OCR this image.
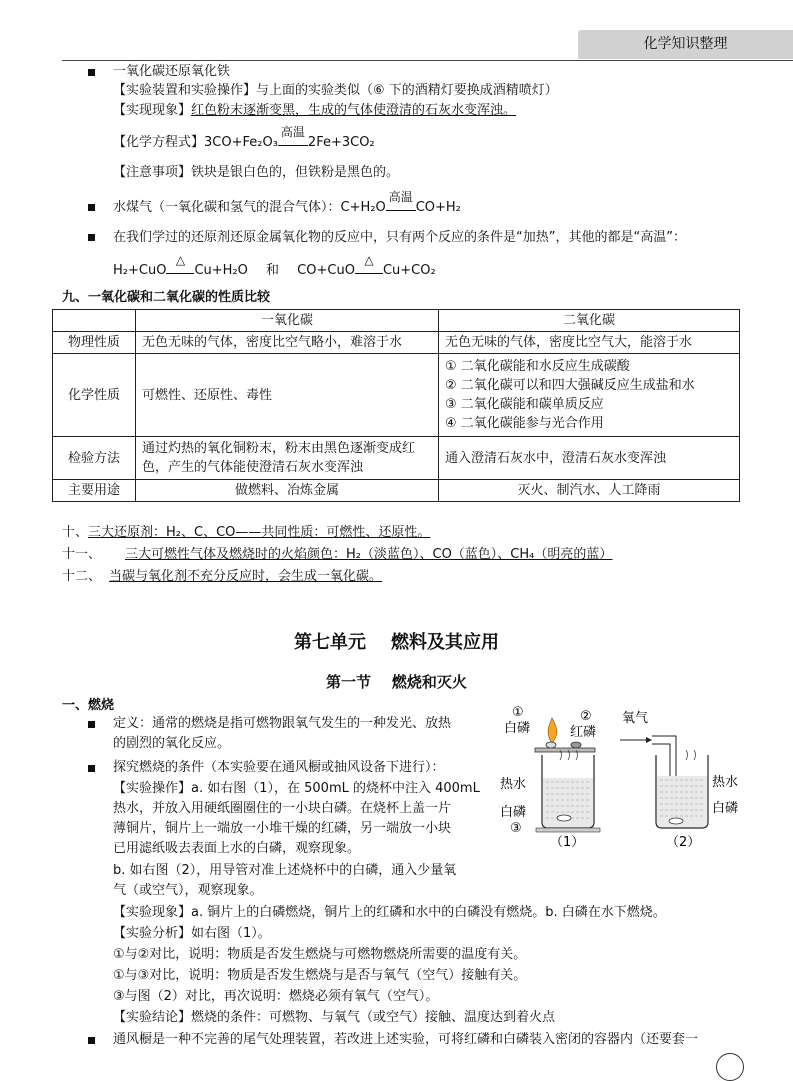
化学知识整理
一氧化碳还原氧化铁
【实验装置和实验操作】与上面的实验类似（⑥ 下的酒精灯要换成酒精喷灯）
【实现现象】红色粉末逐渐变黑，生成的气体使澄清的石灰水变浑浊。
【化学方程式】3CO+Fe₂O₃
高温
2Fe+3CO₂
【注意事项】铁块是银白色的，但铁粉是黑色的。
水煤气（一氧化碳和氢气的混合气体）：C+H₂O
高温
CO+H₂
在我们学过的还原剂还原金属氧化物的反应中，只有两个反应的条件是“加热”，其他的都是“高温”：
H₂+CuO
△
Cu+H₂O 和 CO+CuO
△
Cu+CO₂
九、一氧化碳和二氧化碳的性质比较
	一氧化碳	二氧化碳
物理性质	无色无味的气体，密度比空气略小，难溶于水	无色无味的气体，密度比空气大，能溶于水
化学性质	可燃性、还原性、毒性	① 二氧化碳能和水反应生成碳酸
② 二氧化碳可以和四大强碱反应生成盐和水
③ 二氧化碳能和碳单质反应
④ 二氧化碳能参与光合作用

检验方法	通过灼热的氧化铜粉末，粉末由黑色逐渐变成红色，产生的气体能使澄清石灰水变浑浊	通入澄清石灰水中，澄清石灰水变浑浊
主要用途	做燃料、冶炼金属	灭火、制汽水、人工降雨
十、三大还原剂：H₂、C、CO——共同性质：可燃性、还原性。
十一、 三大可燃性气体及燃烧时的火焰颜色：H₂（淡蓝色）、CO（蓝色）、CH₄（明亮的蓝）
十二、 当碳与氧化剂不充分反应时，会生成一氧化碳。
第七单元    燃料及其应用
第一节    燃烧和灭火
一、燃烧
定义：通常的燃烧是指可燃物跟氧气发生的一种发光、放热
的剧烈的氧化反应。
探究燃烧的条件（本实验要在通风橱或抽风设备下进行）：
【实验操作】a. 如右图（1），在 500mL 的烧杯中注入 400mL
热水，并放入用硬纸圈圈住的一小块白磷。在烧杯上盖一片
薄铜片，铜片上一端放一小堆干燥的红磷，另一端放一小块
已用滤纸吸去表面上水的白磷，观察现象。
b. 如右图（2），用导管对准上述烧杯中的白磷，通入少量氧
气（或空气），观察现象。
【实验现象】a. 铜片上的白磷燃烧，铜片上的红磷和水中的白磷没有燃烧。b. 白磷在水下燃烧。
【实验分析】如右图（1）。
①与②对比，说明：物质是否发生燃烧与可燃物燃烧所需要的温度有关。
①与③对比，说明：物质是否发生燃烧与是否与氧气（空气）接触有关。
③与图（2）对比，再次说明：燃烧必须有氧气（空气）。
【实验结论】燃烧的条件：可燃物、与氧气（或空气）接触、温度达到着火点
通风橱是一种不完善的尾气处理装置，若改进上述实验，可将红磷和白磷装入密闭的容器内（还要套一
①
白磷
②
红磷
热水
白磷
③
（1）
氧气
热水
白磷
（2）
